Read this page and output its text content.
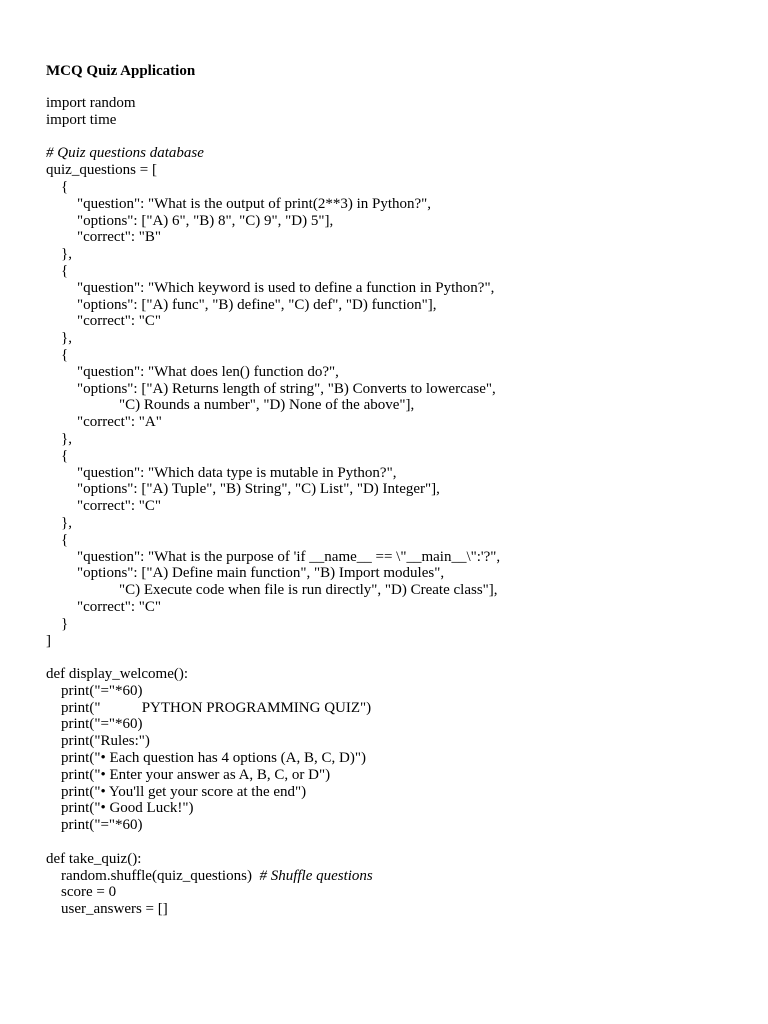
MCQ Quiz Application
import random
import time
# Quiz questions database
quiz_questions = [
{
"question": "What is the output of print(2**3) in Python?",
"options": ["A) 6", "B) 8", "C) 9", "D) 5"],
"correct": "B"
},
{
"question": "Which keyword is used to define a function in Python?",
"options": ["A) func", "B) define", "C) def", "D) function"],
"correct": "C"
},
{
"question": "What does len() function do?",
"options": ["A) Returns length of string", "B) Converts to lowercase",
"C) Rounds a number", "D) None of the above"],
"correct": "A"
},
{
"question": "Which data type is mutable in Python?",
"options": ["A) Tuple", "B) String", "C) List", "D) Integer"],
"correct": "C"
},
{
"question": "What is the purpose of 'if __name__ == \"__main__\":'?",
"options": ["A) Define main function", "B) Import modules",
"C) Execute code when file is run directly", "D) Create class"],
"correct": "C"
}
]
def display_welcome():
print("="*60)
print("           PYTHON PROGRAMMING QUIZ")
print("="*60)
print("Rules:")
print("• Each question has 4 options (A, B, C, D)")
print("• Enter your answer as A, B, C, or D")
print("• You'll get your score at the end")
print("• Good Luck!")
print("="*60)
def take_quiz():
random.shuffle(quiz_questions)  # Shuffle questions
score = 0
user_answers = []
